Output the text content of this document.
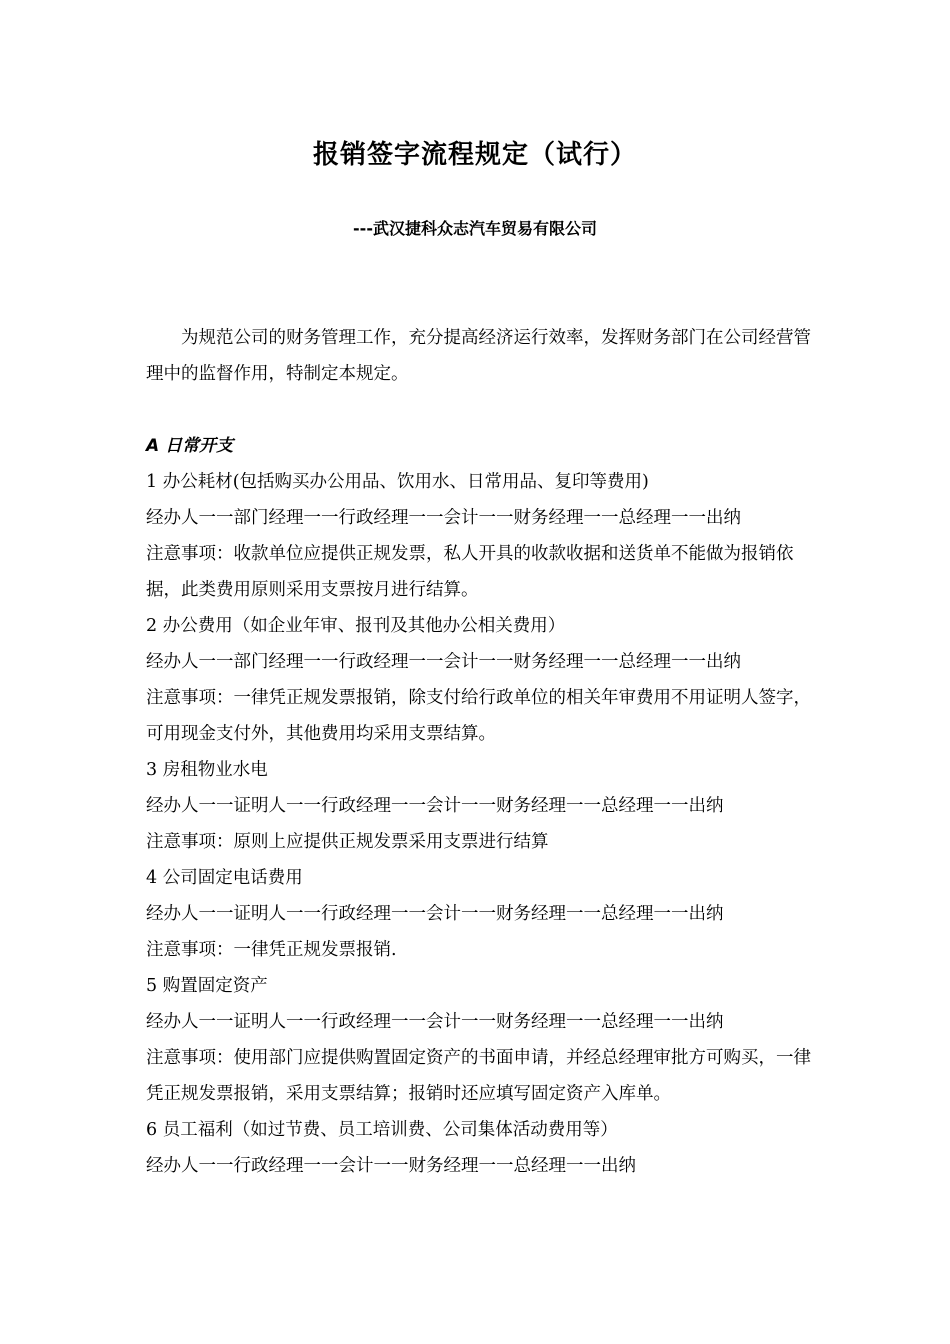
报销签字流程规定（试行）
---武汉捷科众志汽车贸易有限公司
为规范公司的财务管理工作，充分提高经济运行效率，发挥财务部门在公司经营管理中的监督作用，特制定本规定。
A 日常开支
1 办公耗材(包括购买办公用品、饮用水、日常用品、复印等费用)
经办人一一部门经理一一行政经理一一会计一一财务经理一一总经理一一出纳
注意事项：收款单位应提供正规发票，私人开具的收款收据和送货单不能做为报销依据，此类费用原则采用支票按月进行结算。
2 办公费用（如企业年审、报刊及其他办公相关费用）
经办人一一部门经理一一行政经理一一会计一一财务经理一一总经理一一出纳
注意事项：一律凭正规发票报销，除支付给行政单位的相关年审费用不用证明人签字，可用现金支付外，其他费用均采用支票结算。
3 房租物业水电
经办人一一证明人一一行政经理一一会计一一财务经理一一总经理一一出纳
注意事项：原则上应提供正规发票采用支票进行结算
4 公司固定电话费用
经办人一一证明人一一行政经理一一会计一一财务经理一一总经理一一出纳
注意事项：一律凭正规发票报销.
5 购置固定资产
经办人一一证明人一一行政经理一一会计一一财务经理一一总经理一一出纳
注意事项：使用部门应提供购置固定资产的书面申请，并经总经理审批方可购买，一律凭正规发票报销，采用支票结算；报销时还应填写固定资产入库单。
6 员工福利（如过节费、员工培训费、公司集体活动费用等）
经办人一一行政经理一一会计一一财务经理一一总经理一一出纳
